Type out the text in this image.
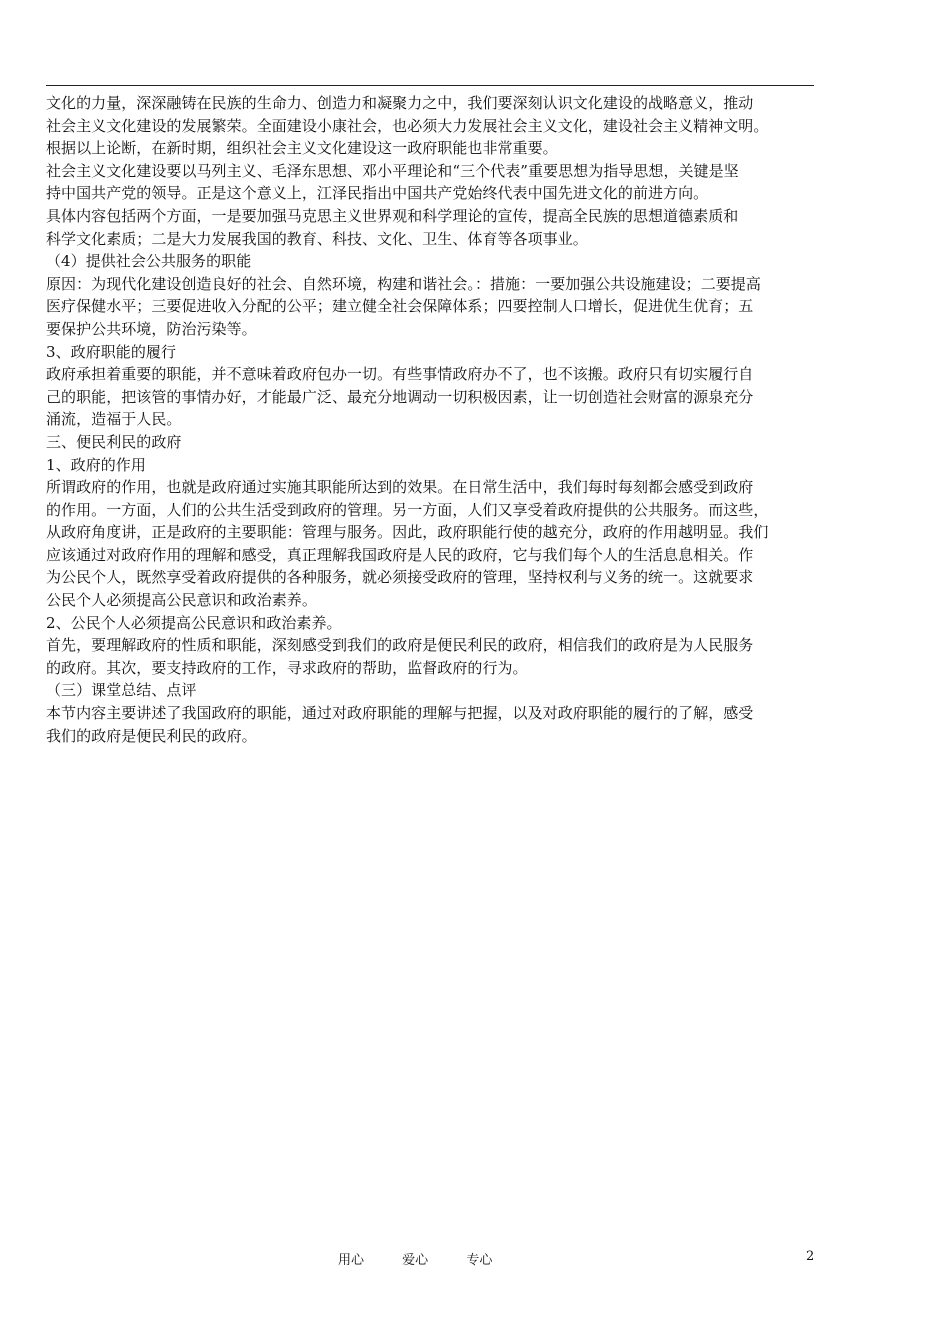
文化的力量，深深融铸在民族的生命力、创造力和凝聚力之中，我们要深刻认识文化建设的战略意义，推动
社会主义文化建设的发展繁荣。全面建设小康社会，也必须大力发展社会主义文化，建设社会主义精神文明。
根据以上论断，在新时期，组织社会主义文化建设这一政府职能也非常重要。
社会主义文化建设要以马列主义、毛泽东思想、邓小平理论和“三个代表”重要思想为指导思想，关键是坚
持中国共产党的领导。正是这个意义上，江泽民指出中国共产党始终代表中国先进文化的前进方向。
具体内容包括两个方面，一是要加强马克思主义世界观和科学理论的宣传，提高全民族的思想道德素质和
科学文化素质；二是大力发展我国的教育、科技、文化、卫生、体育等各项事业。
（4）提供社会公共服务的职能
原因：为现代化建设创造良好的社会、自然环境，构建和谐社会。：措施：一要加强公共设施建设；二要提高
医疗保健水平；三要促进收入分配的公平；建立健全社会保障体系；四要控制人口增长，促进优生优育；五
要保护公共环境，防治污染等。
3、政府职能的履行
政府承担着重要的职能，并不意味着政府包办一切。有些事情政府办不了，也不该搬。政府只有切实履行自
己的职能，把该管的事情办好，才能最广泛、最充分地调动一切积极因素，让一切创造社会财富的源泉充分
涌流，造福于人民。
三、便民利民的政府
1、政府的作用
所谓政府的作用，也就是政府通过实施其职能所达到的效果。在日常生活中，我们每时每刻都会感受到政府
的作用。一方面，人们的公共生活受到政府的管理。另一方面，人们又享受着政府提供的公共服务。而这些，
从政府角度讲，正是政府的主要职能：管理与服务。因此，政府职能行使的越充分，政府的作用越明显。我们
应该通过对政府作用的理解和感受，真正理解我国政府是人民的政府，它与我们每个人的生活息息相关。作
为公民个人，既然享受着政府提供的各种服务，就必须接受政府的管理，坚持权利与义务的统一。这就要求
公民个人必须提高公民意识和政治素养。
2、公民个人必须提高公民意识和政治素养。
首先，要理解政府的性质和职能，深刻感受到我们的政府是便民利民的政府，相信我们的政府是为人民服务
的政府。其次，要支持政府的工作，寻求政府的帮助，监督政府的行为。
（三）课堂总结、点评
本节内容主要讲述了我国政府的职能，通过对政府职能的理解与把握，以及对政府职能的履行的了解，感受
我们的政府是便民利民的政府。
用心	爱心	专心	2
